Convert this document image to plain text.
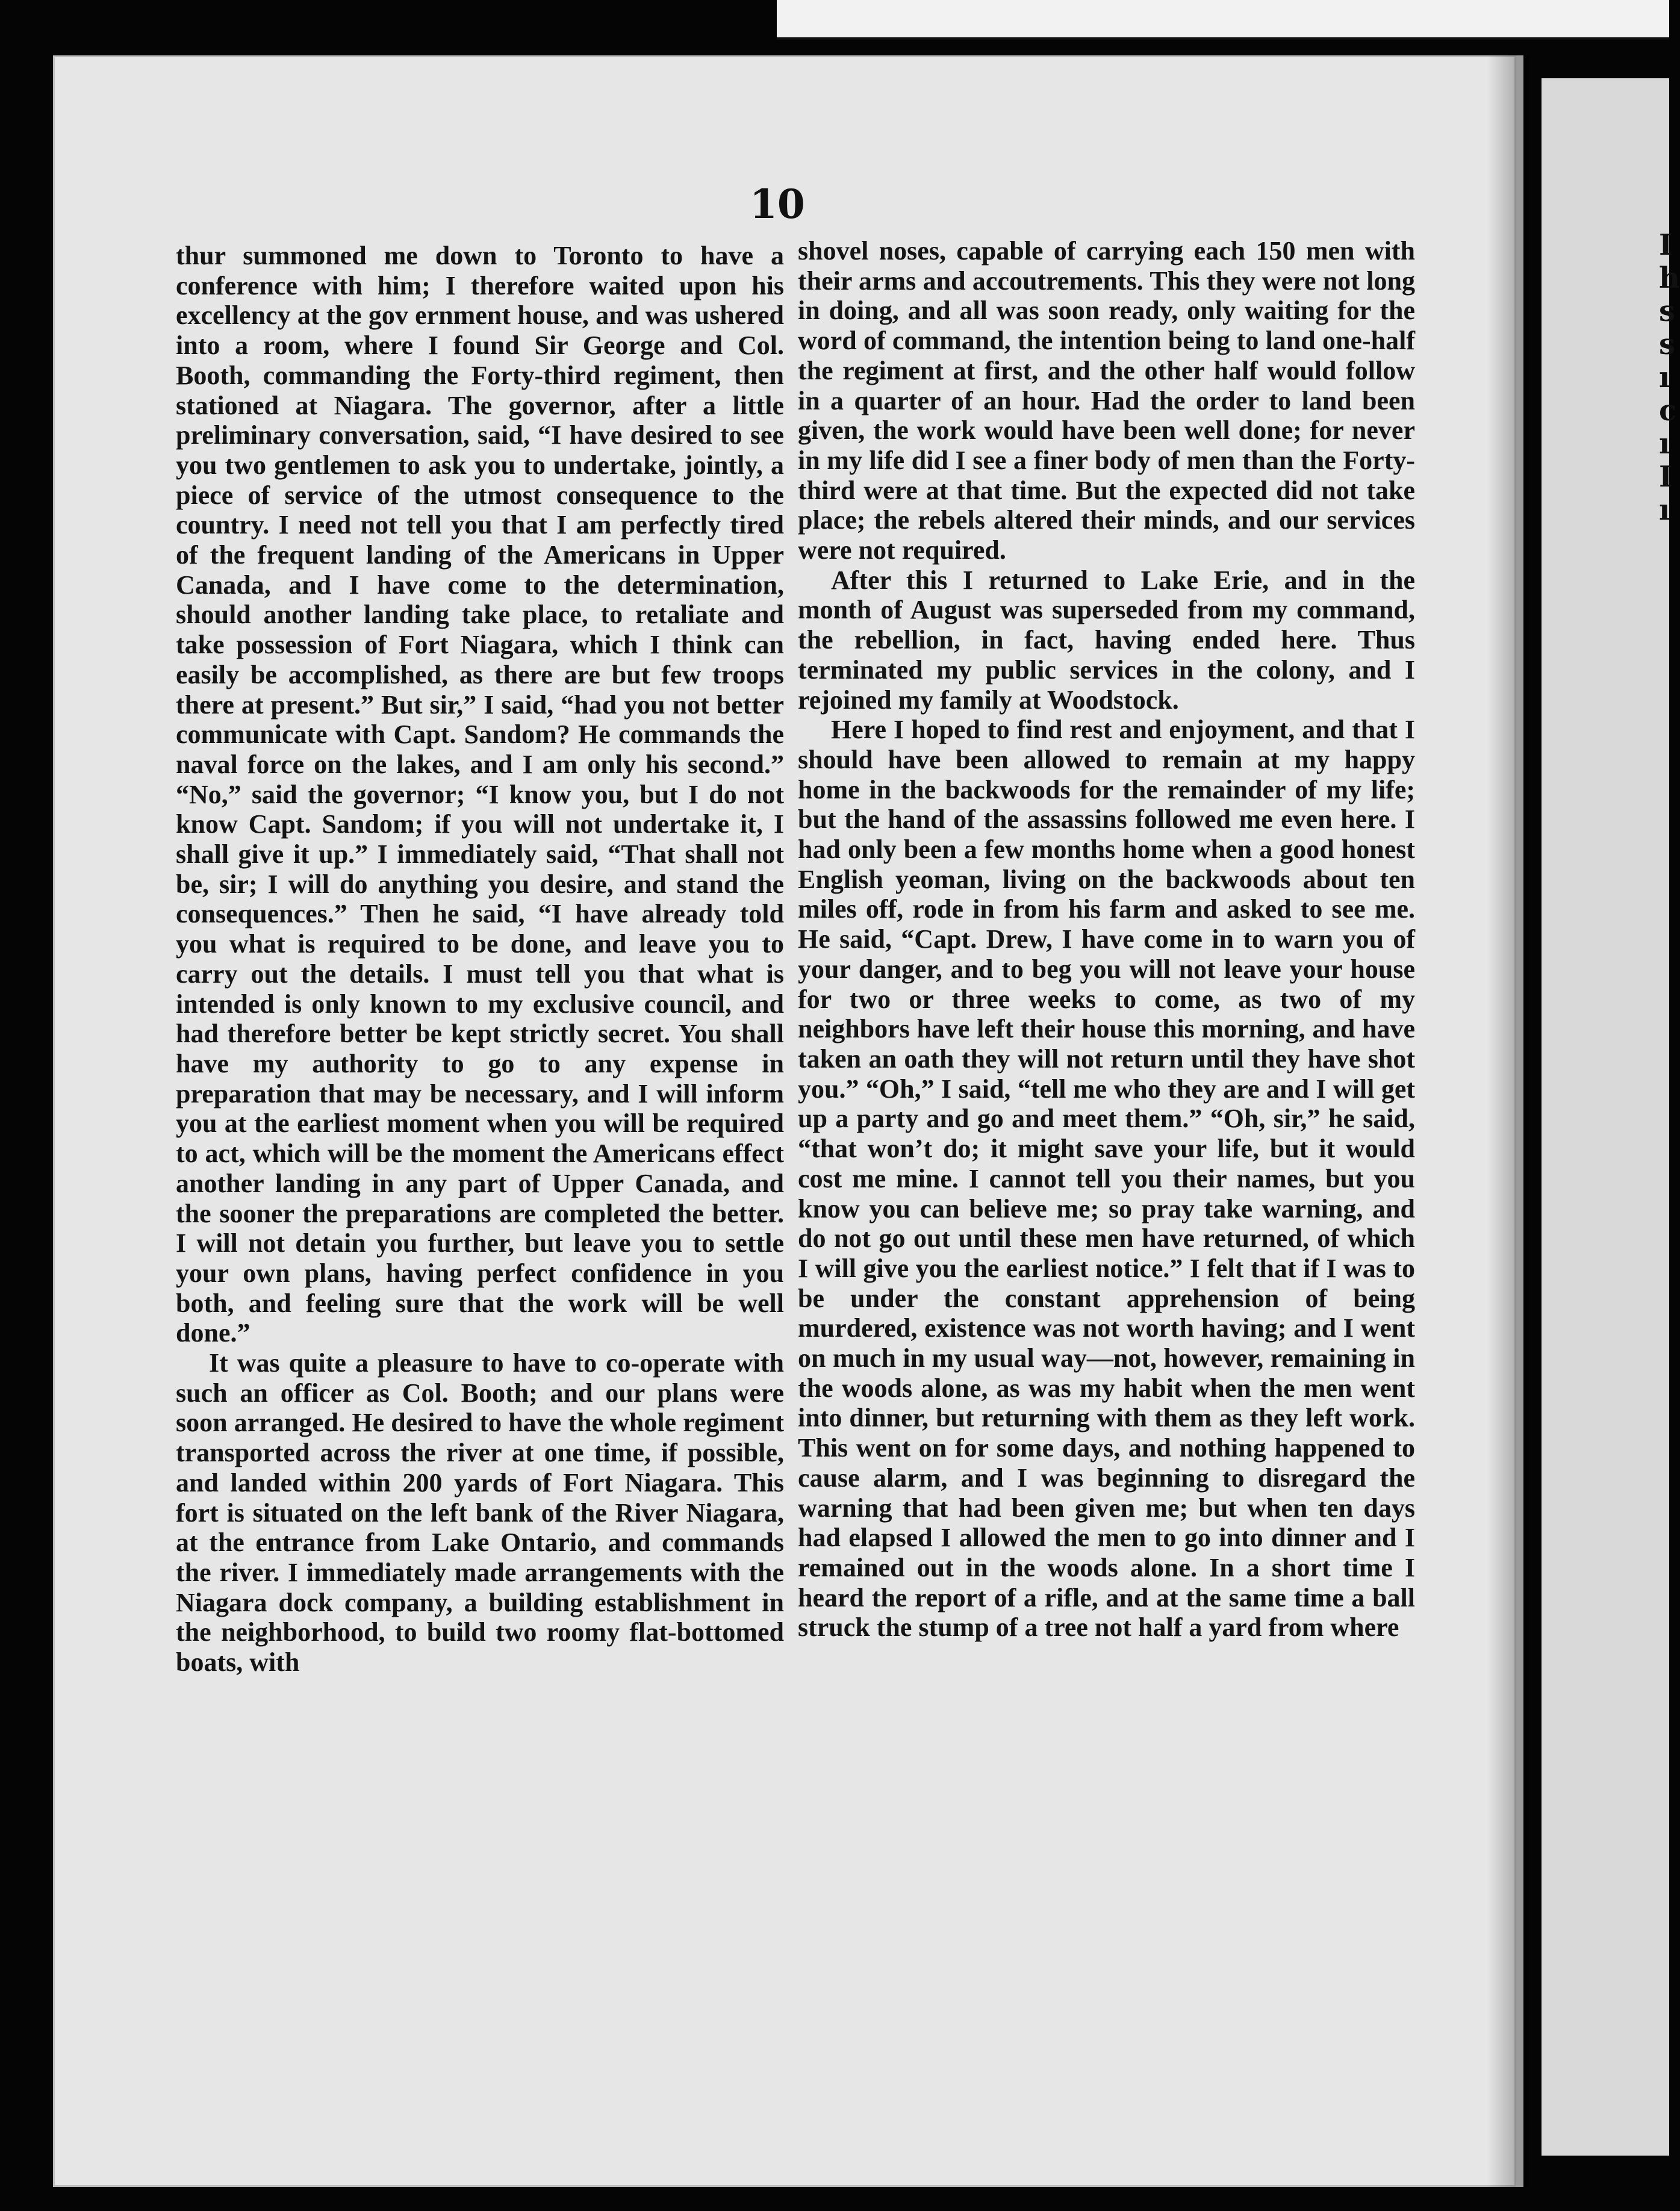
I
h
s
s
ı
c
ı
I
ı
10

thur summoned me down to Toronto to have a conference with him; I therefore waited upon his excellency at the gov ernment house, and was ushered into a room, where I found Sir George and Col. Booth, commanding the Forty-third regiment, then stationed at Niagara. The governor, after a little preliminary conversation, said, “I have desired to see you two gentlemen to ask you to undertake, jointly, a piece of service of the utmost consequence to the country. I need not tell you that I am perfectly tired of the frequent landing of the Americans in Upper Canada, and I have come to the determination, should another landing take place, to retaliate and take possession of Fort Niagara, which I think can easily be accomplished, as there are but few troops there at present.” But sir,” I said, “had you not better communicate with Capt. Sandom? He commands the naval force on the lakes, and I am only his second.” “No,” said the governor; “I know you, but I do not know Capt. Sandom; if you will not undertake it, I shall give it up.” I immediately said, “That shall not be, sir; I will do anything you desire, and stand the consequences.” Then he said, “I have already told you what is required to be done, and leave you to carry out the details. I must tell you that what is intended is only known to my exclusive council, and had therefore better be kept strictly secret. You shall have my authority to go to any expense in preparation that may be necessary, and I will inform you at the earliest moment when you will be required to act, which will be the moment the Americans effect another landing in any part of Upper Canada, and the sooner the preparations are completed the better. I will not detain you further, but leave you to settle your own plans, having perfect confidence in you both, and feeling sure that the work will be well done.”

It was quite a pleasure to have to co-operate with such an officer as Col. Booth; and our plans were soon arranged. He desired to have the whole regiment transported across the river at one time, if possible, and landed within 200 yards of Fort Niagara. This fort is situated on the left bank of the River Niagara, at the entrance from Lake Ontario, and commands the river. I immediately made arrangements with the Niagara dock company, a building establishment in the neighborhood, to build two roomy flat-bottomed boats, with

shovel noses, capable of carrying each 150 men with their arms and accoutrements. This they were not long in doing, and all was soon ready, only waiting for the word of command, the intention being to land one-half the regiment at first, and the other half would follow in a quarter of an hour. Had the order to land been given, the work would have been well done; for never in my life did I see a finer body of men than the Forty-third were at that time. But the expected did not take place; the rebels altered their minds, and our services were not required.

After this I returned to Lake Erie, and in the month of August was superseded from my command, the rebellion, in fact, having ended here. Thus terminated my public services in the colony, and I rejoined my family at Woodstock.

Here I hoped to find rest and enjoyment, and that I should have been allowed to remain at my happy home in the backwoods for the remainder of my life; but the hand of the assassins followed me even here. I had only been a few months home when a good honest English yeoman, living on the backwoods about ten miles off, rode in from his farm and asked to see me. He said, “Capt. Drew, I have come in to warn you of your danger, and to beg you will not leave your house for two or three weeks to come, as two of my neighbors have left their house this morning, and have taken an oath they will not return until they have shot you.” “Oh,” I said, “tell me who they are and I will get up a party and go and meet them.” “Oh, sir,” he said, “that won’t do; it might save your life, but it would cost me mine. I cannot tell you their names, but you know you can believe me; so pray take warning, and do not go out until these men have returned, of which I will give you the earliest notice.” I felt that if I was to be under the constant apprehension of being murdered, existence was not worth having; and I went on much in my usual way—not, however, remaining in the woods alone, as was my habit when the men went into dinner, but returning with them as they left work. This went on for some days, and nothing happened to cause alarm, and I was beginning to disregard the warning that had been given me; but when ten days had elapsed I allowed the men to go into dinner and I remained out in the woods alone. In a short time I heard the report of a rifle, and at the same time a ball struck the stump of a tree not half a yard from where
